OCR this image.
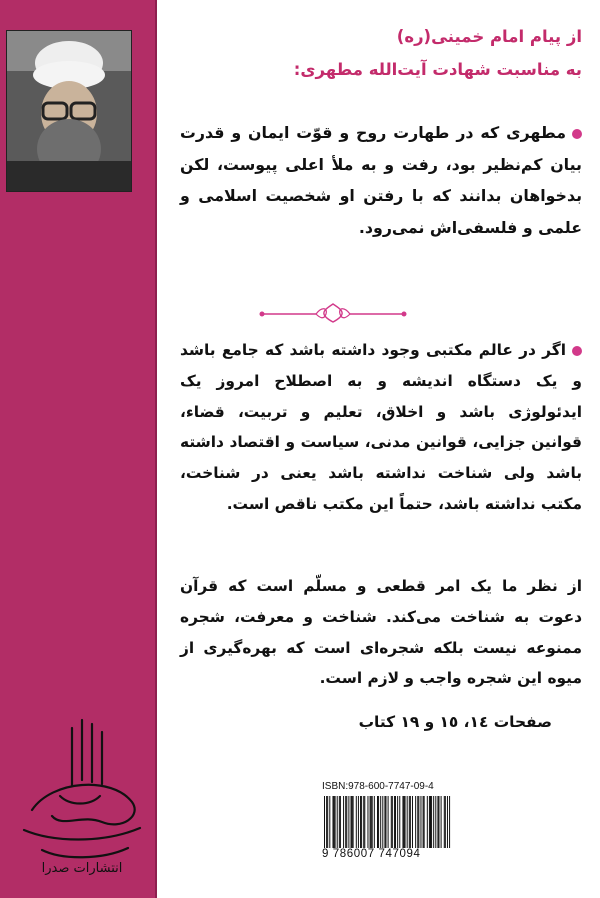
از پیام امام خمینی(ره)
به مناسبت شهادت آیت‌الله مطهری:
مطهری که در طهارت روح و قوّت ایمان و قدرت بیان کم‌نظیر بود، رفت و به ملأ اعلی پیوست، لکن بدخواهان بدانند که با رفتن او شخصیت اسلامی و علمی و فلسفی‌اش نمی‌رود.
اگر در عالم مکتبی وجود داشته باشد که جامع باشد و یک دستگاه اندیشه و به اصطلاح امروز یک ایدئولوژی باشد و اخلاق، تعلیم و تربیت، قضاء، قوانین جزایی، قوانین مدنی، سیاست و اقتصاد داشته باشد ولی شناخت نداشته باشد یعنی در شناخت، مکتب نداشته باشد، حتماً این مکتب ناقص است.
از نظر ما یک امر قطعی و مسلّم است که قرآن دعوت به شناخت می‌کند. شناخت و معرفت، شجره ممنوعه نیست بلکه شجره‌ای است که بهره‌گیری از میوه این شجره واجب و لازم است.
صفحات ١٤، ١٥ و ١٩ کتاب
انتشارات صدرا
ISBN:978-600-7747-09-4
9 786007 747094
